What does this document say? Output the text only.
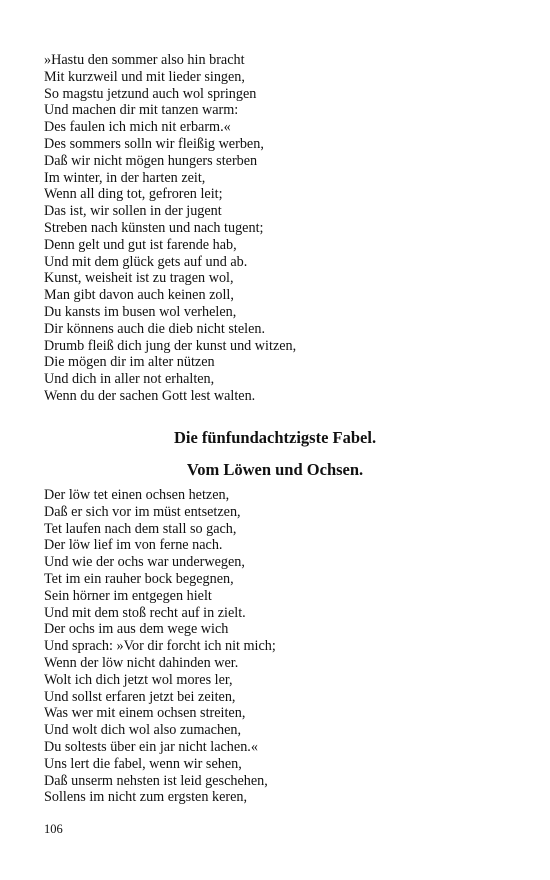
»Hastu den sommer also hin bracht
Mit kurzweil und mit lieder singen,
So magstu jetzund auch wol springen
Und machen dir mit tanzen warm:
Des faulen ich mich nit erbarm.«
Des sommers solln wir fleißig werben,
Daß wir nicht mögen hungers sterben
Im winter, in der harten zeit,
Wenn all ding tot, gefroren leit;
Das ist, wir sollen in der jugent
Streben nach künsten und nach tugent;
Denn gelt und gut ist farende hab,
Und mit dem glück gets auf und ab.
Kunst, weisheit ist zu tragen wol,
Man gibt davon auch keinen zoll,
Du kansts im busen wol verhelen,
Dir könnens auch die dieb nicht stelen.
Drumb fleiß dich jung der kunst und witzen,
Die mögen dir im alter nützen
Und dich in aller not erhalten,
Wenn du der sachen Gott lest walten.
Die fünfundachtzigste Fabel.
Vom Löwen und Ochsen.
Der löw tet einen ochsen hetzen,
Daß er sich vor im müst entsetzen,
Tet laufen nach dem stall so gach,
Der löw lief im von ferne nach.
Und wie der ochs war underwegen,
Tet im ein rauher bock begegnen,
Sein hörner im entgegen hielt
Und mit dem stoß recht auf in zielt.
Der ochs im aus dem wege wich
Und sprach: »Vor dir forcht ich nit mich;
Wenn der löw nicht dahinden wer.
Wolt ich dich jetzt wol mores ler,
Und sollst erfaren jetzt bei zeiten,
Was wer mit einem ochsen streiten,
Und wolt dich wol also zumachen,
Du soltests über ein jar nicht lachen.«
Uns lert die fabel, wenn wir sehen,
Daß unserm nehsten ist leid geschehen,
Sollens im nicht zum ergsten keren,
106
